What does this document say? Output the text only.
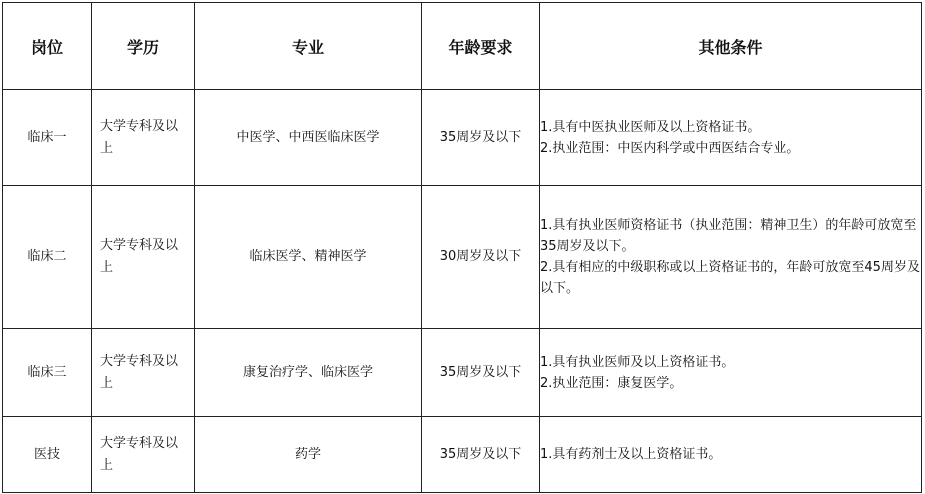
岗位	学历	专业	年龄要求	其他条件
临床一	大学专科及以上	中医学、中西医临床医学	35周岁及以下	1.具有中医执业医师及以上资格证书。
2.执业范围：中医内科学或中西医结合专业。

临床二	大学专科及以上	临床医学、精神医学	30周岁及以下	1.具有执业医师资格证书（执业范围：精神卫生）的年龄可放宽至35周岁及以下。
2.具有相应的中级职称或以上资格证书的，年龄可放宽至45周岁及以下。

临床三	大学专科及以上	康复治疗学、临床医学	35周岁及以下	1.具有执业医师及以上资格证书。
2.执业范围：康复医学。

医技	大学专科及以上	药学	35周岁及以下	1.具有药剂士及以上资格证书。
